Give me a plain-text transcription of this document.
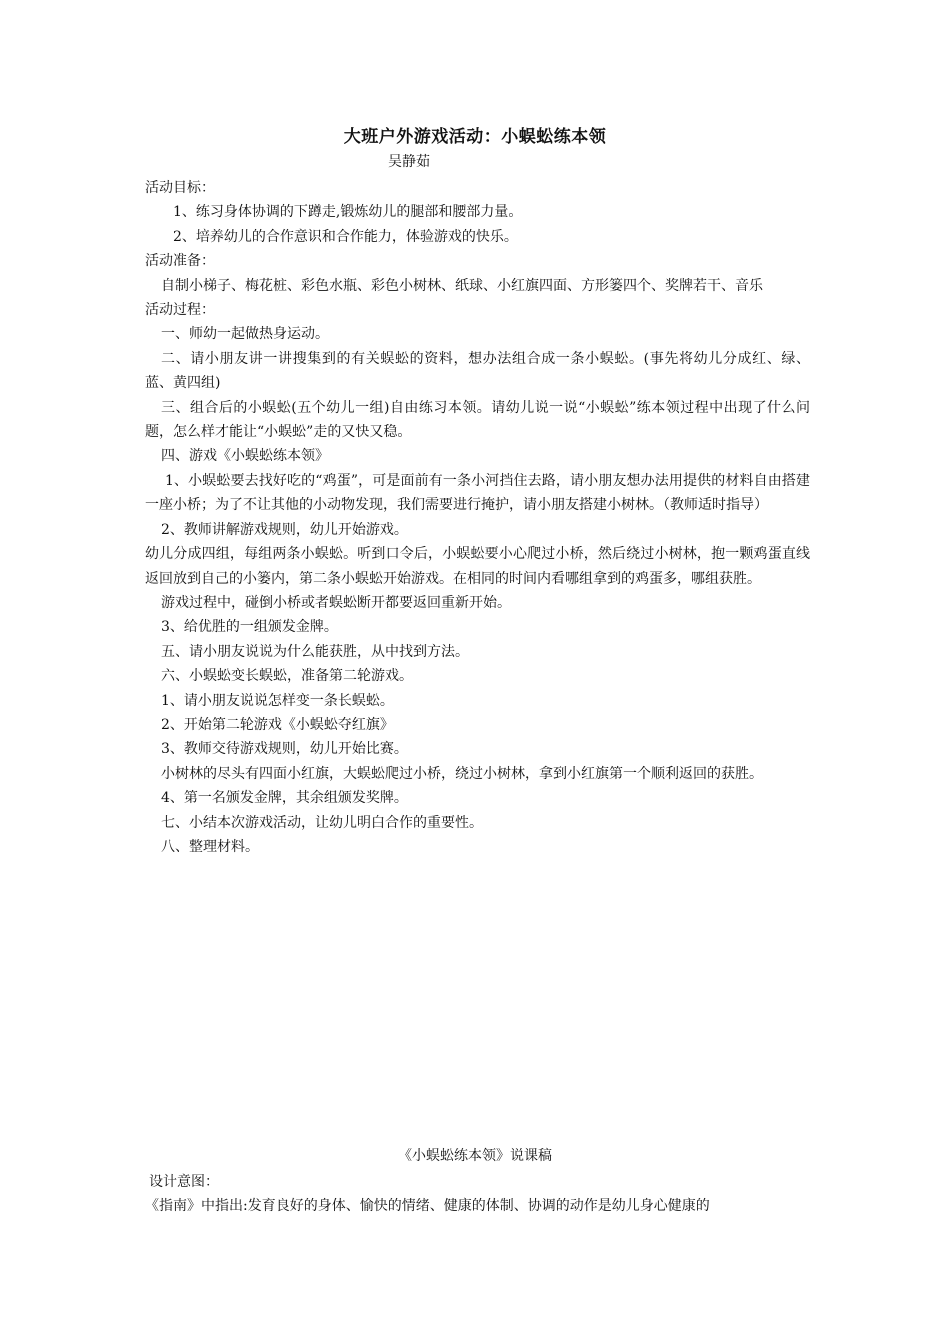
大班户外游戏活动：小蜈蚣练本领
吴静茹

活动目标：

1、练习身体协调的下蹲走,锻炼幼儿的腿部和腰部力量。

2、培养幼儿的合作意识和合作能力，体验游戏的快乐。

活动准备：

自制小梯子、梅花桩、彩色水瓶、彩色小树林、纸球、小红旗四面、方形篓四个、奖牌若干、音乐

活动过程：

一、师幼一起做热身运动。

二、请小朋友讲一讲搜集到的有关蜈蚣的资料，想办法组合成一条小蜈蚣。(事先将幼儿分成红、绿、蓝、黄四组)

三、组合后的小蜈蚣(五个幼儿一组)自由练习本领。请幼儿说一说“小蜈蚣”练本领过程中出现了什么问题，怎么样才能让“小蜈蚣”走的又快又稳。

四、游戏《小蜈蚣练本领》

1、小蜈蚣要去找好吃的“鸡蛋”，可是面前有一条小河挡住去路，请小朋友想办法用提供的材料自由搭建一座小桥；为了不让其他的小动物发现，我们需要进行掩护，请小朋友搭建小树林。（教师适时指导）

2、教师讲解游戏规则，幼儿开始游戏。

幼儿分成四组，每组两条小蜈蚣。听到口令后，小蜈蚣要小心爬过小桥，然后绕过小树林，抱一颗鸡蛋直线返回放到自己的小篓内，第二条小蜈蚣开始游戏。在相同的时间内看哪组拿到的鸡蛋多，哪组获胜。

游戏过程中，碰倒小桥或者蜈蚣断开都要返回重新开始。

3、给优胜的一组颁发金牌。

五、请小朋友说说为什么能获胜，从中找到方法。

六、小蜈蚣变长蜈蚣，准备第二轮游戏。

1、请小朋友说说怎样变一条长蜈蚣。

2、开始第二轮游戏《小蜈蚣夺红旗》

3、教师交待游戏规则，幼儿开始比赛。

小树林的尽头有四面小红旗，大蜈蚣爬过小桥，绕过小树林，拿到小红旗第一个顺利返回的获胜。

4、第一名颁发金牌，其余组颁发奖牌。

七、小结本次游戏活动，让幼儿明白合作的重要性。

八、整理材料。

《小蜈蚣练本领》说课稿

设计意图：

《指南》中指出:发育良好的身体、愉快的情绪、健康的体制、协调的动作是幼儿身心健康的
